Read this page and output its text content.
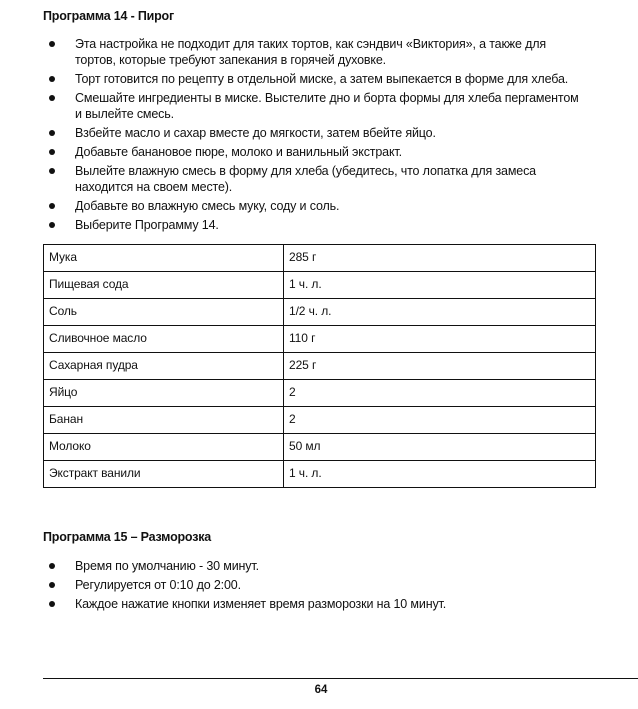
Программа 14 - Пирог
Эта настройка не подходит для таких тортов, как сэндвич «Виктория», а также для тортов, которые требуют запекания в горячей духовке.
Торт готовится по рецепту в отдельной миске, а затем выпекается в форме для хлеба.
Смешайте ингредиенты в миске. Выстелите дно и борта формы для хлеба пергаментом и вылейте смесь.
Взбейте масло и сахар вместе до мягкости, затем вбейте яйцо.
Добавьте банановое пюре, молоко и ванильный экстракт.
Вылейте влажную смесь в форму для хлеба (убедитесь, что лопатка для замеса находится на своем месте).
Добавьте во влажную смесь муку, соду и соль.
Выберите Программу 14.
Мука	285 г
Пищевая сода	1 ч. л.
Соль	1/2 ч. л.
Сливочное масло	110 г
Сахарная пудра	225 г
Яйцо	2
Банан	2
Молоко	50 мл
Экстракт ванили	1 ч. л.
Программа 15 – Разморозка
Время по умолчанию - 30 минут.
Регулируется от 0:10 до 2:00.
Каждое нажатие кнопки изменяет время разморозки на 10 минут.
64
